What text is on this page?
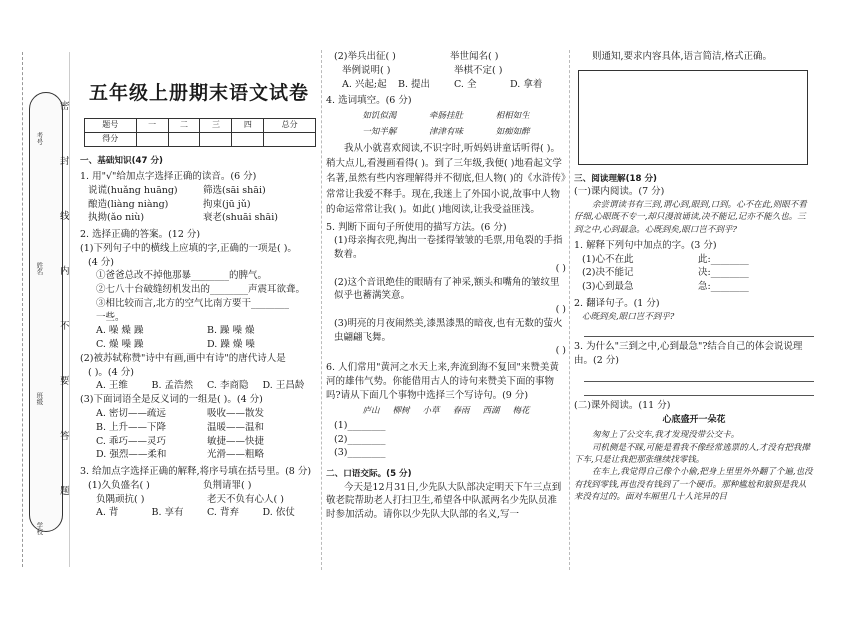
学校
班级
姓名
考号
密
封
线
内
不
要
答
题
五年级上册期末语文试卷
题号	一	二	三	四	总分
得分					
一、基础知识(47 分)
1. 用"√"给加点字选择正确的读音。(6 分)
说谎(huǎng huāng)	筛选(sāi shāi)
酿造(liàng niàng)	拘束(jū jǔ)
执拗(ǎo niù)	衰老(shuāi shāi)
2. 选择正确的答案。(12 分)
(1)下列句子中的横线上应填的字,正确的一项是( )。
(4 分)
①爸爸总改不掉他那暴________的脾气。
②七八十台破缝纫机发出的________声震耳欲聋。
③相比较而言,北方的空气比南方要干________
一些。
A. 噪 燥 躁	B. 躁 噪 燥
C. 燥 噪 躁	D. 躁 燥 噪
(2)被苏轼称赞"诗中有画,画中有诗"的唐代诗人是
( )。(4 分)
A. 王维	B. 孟浩然	C. 李商隐	D. 王昌龄
(3)下面词语全是反义词的一组是( )。(4 分)
A. 密切——疏远	吸收——散发
B. 上升——下降	温暖——温和
C. 乖巧——灵巧	敏捷——快捷
D. 强烈——柔和	光滑——粗略
3. 给加点字选择正确的解释,将序号填在括号里。(8 分)
(1)久负盛名( )	负荆请罪( )
负隅顽抗( )	老天不负有心人( )
A. 背	B. 享有	C. 背弃	D. 依仗
(2)举兵出征( )	举世闻名( )
举例说明( )	举棋不定( )
A. 兴起;起	B. 提出	C. 全	D. 拿着
4. 选词填空。(6 分)
如饥似渴	牵肠挂肚	相相如生
一知半解	津津有味	如痴如醉
我从小就喜欢阅读,不识字时,听妈妈讲童话听得( )。稍大点儿,看漫画看得( )。到了三年级,我便( )地看起文学名著,虽然有些内容理解得并不彻底,但人物( )的《水浒传》常常让我爱不释手。现在,我迷上了外国小说,故事中人物的命运常常让我( )。如此( )地阅读,让我受益匪浅。
5. 判断下面句子所使用的描写方法。(6 分)
(1)母亲掏衣兜,掏出一卷揉得皱皱的毛票,用龟裂的手指数着。
( )
(2)这个音讯绝佳的眼睛有了神采,额头和嘴角的皱纹里似乎也蓄满笑意。
( )
(3)明亮的月夜闹然美,漆黑漆黑的暗夜,也有无数的萤火虫翩翩飞舞。
( )
6. 人们常用"黄河之水天上来,奔流到海不复回"来赞美黄河的雄伟气势。你能借用古人的诗句来赞美下面的事物吗?请从下面几个事物中选择三个写诗句。(9 分)
庐山	柳树	小草	春雨	西湖	梅花
(1)________
(2)________
(3)________
二、口语交际。(5 分)
今天是12月31日,少先队大队部决定明天下午三点到敬老院帮助老人打扫卫生,希望各中队派两名少先队员准时参加活动。请你以少先队大队部的名义,写一
则通知,要求内容具体,语言简洁,格式正确。
三、阅读理解(18 分)
(一)课内阅读。(7 分)
余尝谓读书有三到,谓心到,眼到,口到。心不在此,则眼不看仔细,心眼既不专一,却只漫浪诵读,决不能记,记亦不能久也。三到之中,心到最急。心既到矣,眼口岂不到乎?
1. 解释下列句中加点的字。(3 分)
(1)心不在此	此:________
(2)决不能记	决:________
(3)心到最急	急:________
2. 翻译句子。(1 分)
心既到矣,眼口岂不到乎?
3. 为什么"三到之中,心到最急"?结合自己的体会说说理由。(2 分)
(二)课外阅读。(11 分)
心底盛开一朵花
匆匆上了公交车,我才发现没带公交卡。
司机侧是不睬,可能是看我不像经常逃票的人,才没有把我撵下车,只是让我把那张继续找零钱。
在车上,我觉得自己像个小偷,把身上里里外外翻了个遍,也没有找到零钱,再也没有钱到了一个硬币。那种尴尬和狼狈是我从来没有过的。面对车厢里几十人诧异的目
